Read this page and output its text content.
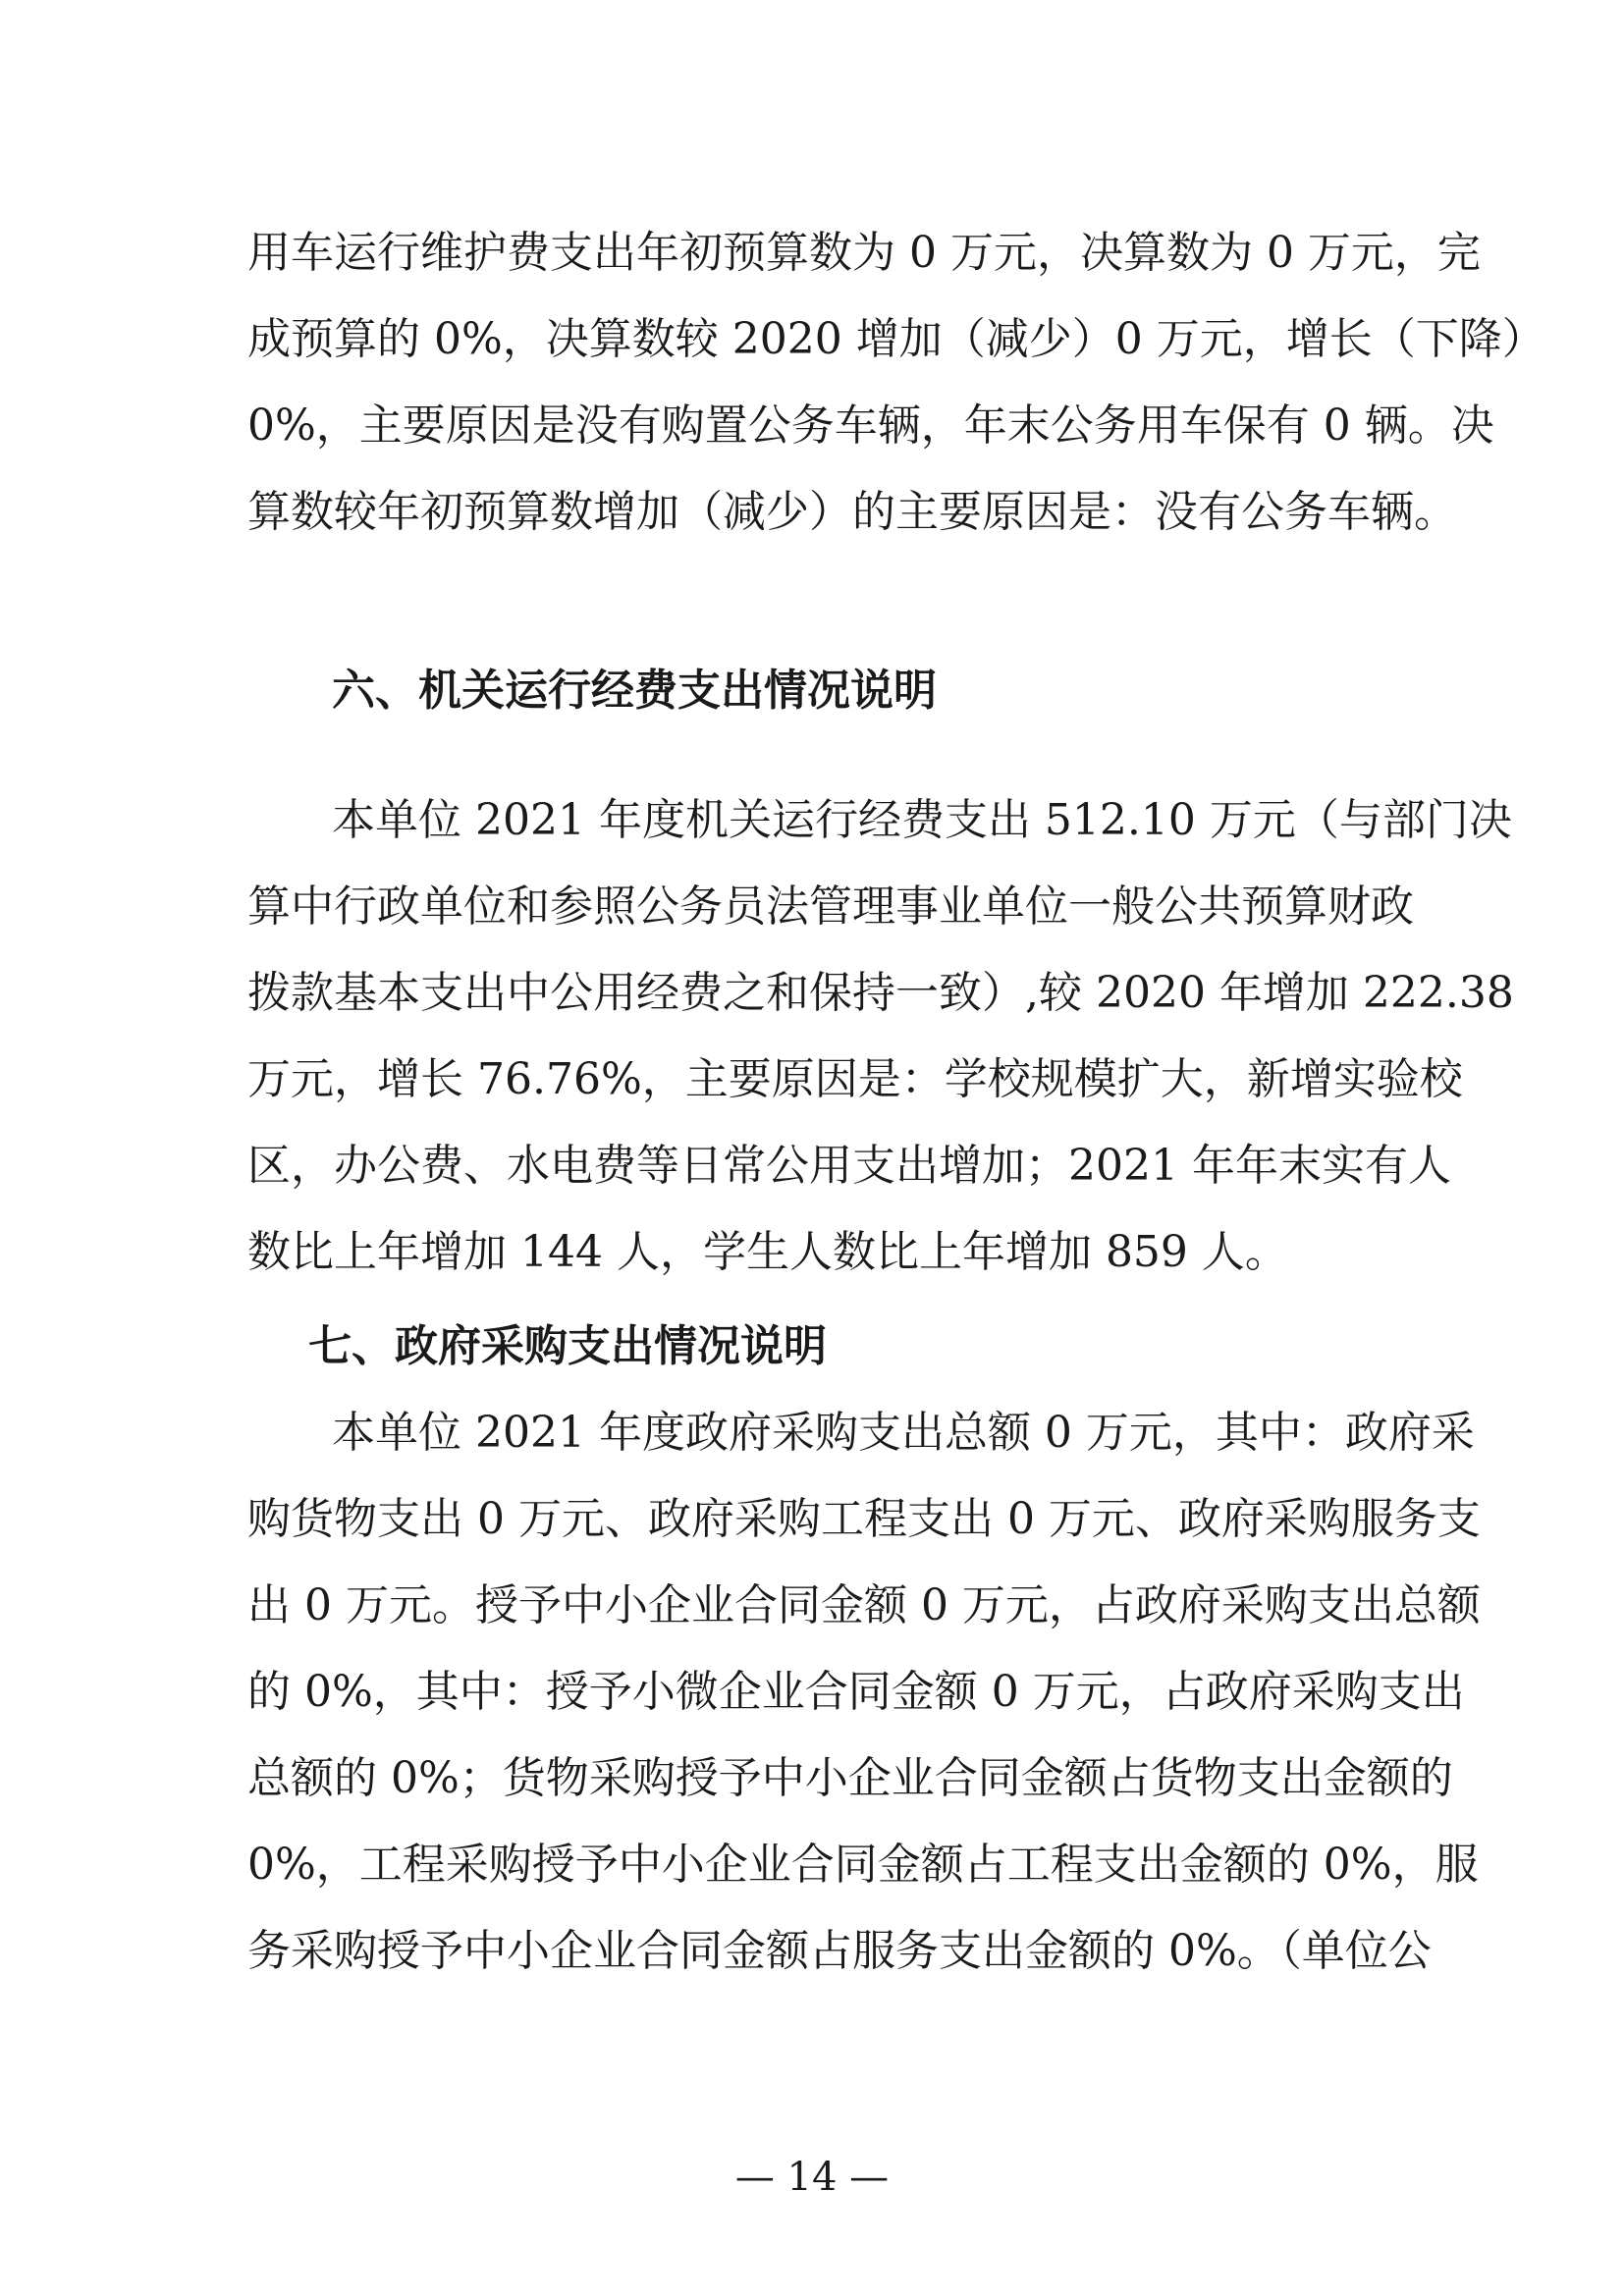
用车运行维护费支出年初预算数为 0 万元，决算数为 0 万元，完
成预算的 0%，决算数较 2020 增加（减少）0 万元，增长（下降）
0%，主要原因是没有购置公务车辆，年末公务用车保有 0 辆。决
算数较年初预算数增加（减少）的主要原因是：没有公务车辆。
六、机关运行经费支出情况说明
本单位 2021 年度机关运行经费支出 512.10 万元（与部门决
算中行政单位和参照公务员法管理事业单位一般公共预算财政
拨款基本支出中公用经费之和保持一致）,较 2020 年增加 222.38
万元，增长 76.76%，主要原因是：学校规模扩大，新增实验校
区，办公费、水电费等日常公用支出增加；2021 年年末实有人
数比上年增加 144 人，学生人数比上年增加 859 人。
七、政府采购支出情况说明
本单位 2021 年度政府采购支出总额 0 万元，其中：政府采
购货物支出 0 万元、政府采购工程支出 0 万元、政府采购服务支
出 0 万元。授予中小企业合同金额 0 万元，占政府采购支出总额
的 0%，其中：授予小微企业合同金额 0 万元，占政府采购支出
总额的 0%；货物采购授予中小企业合同金额占货物支出金额的
0%，工程采购授予中小企业合同金额占工程支出金额的 0%，服
务采购授予中小企业合同金额占服务支出金额的 0%。（单位公
— 14 —
